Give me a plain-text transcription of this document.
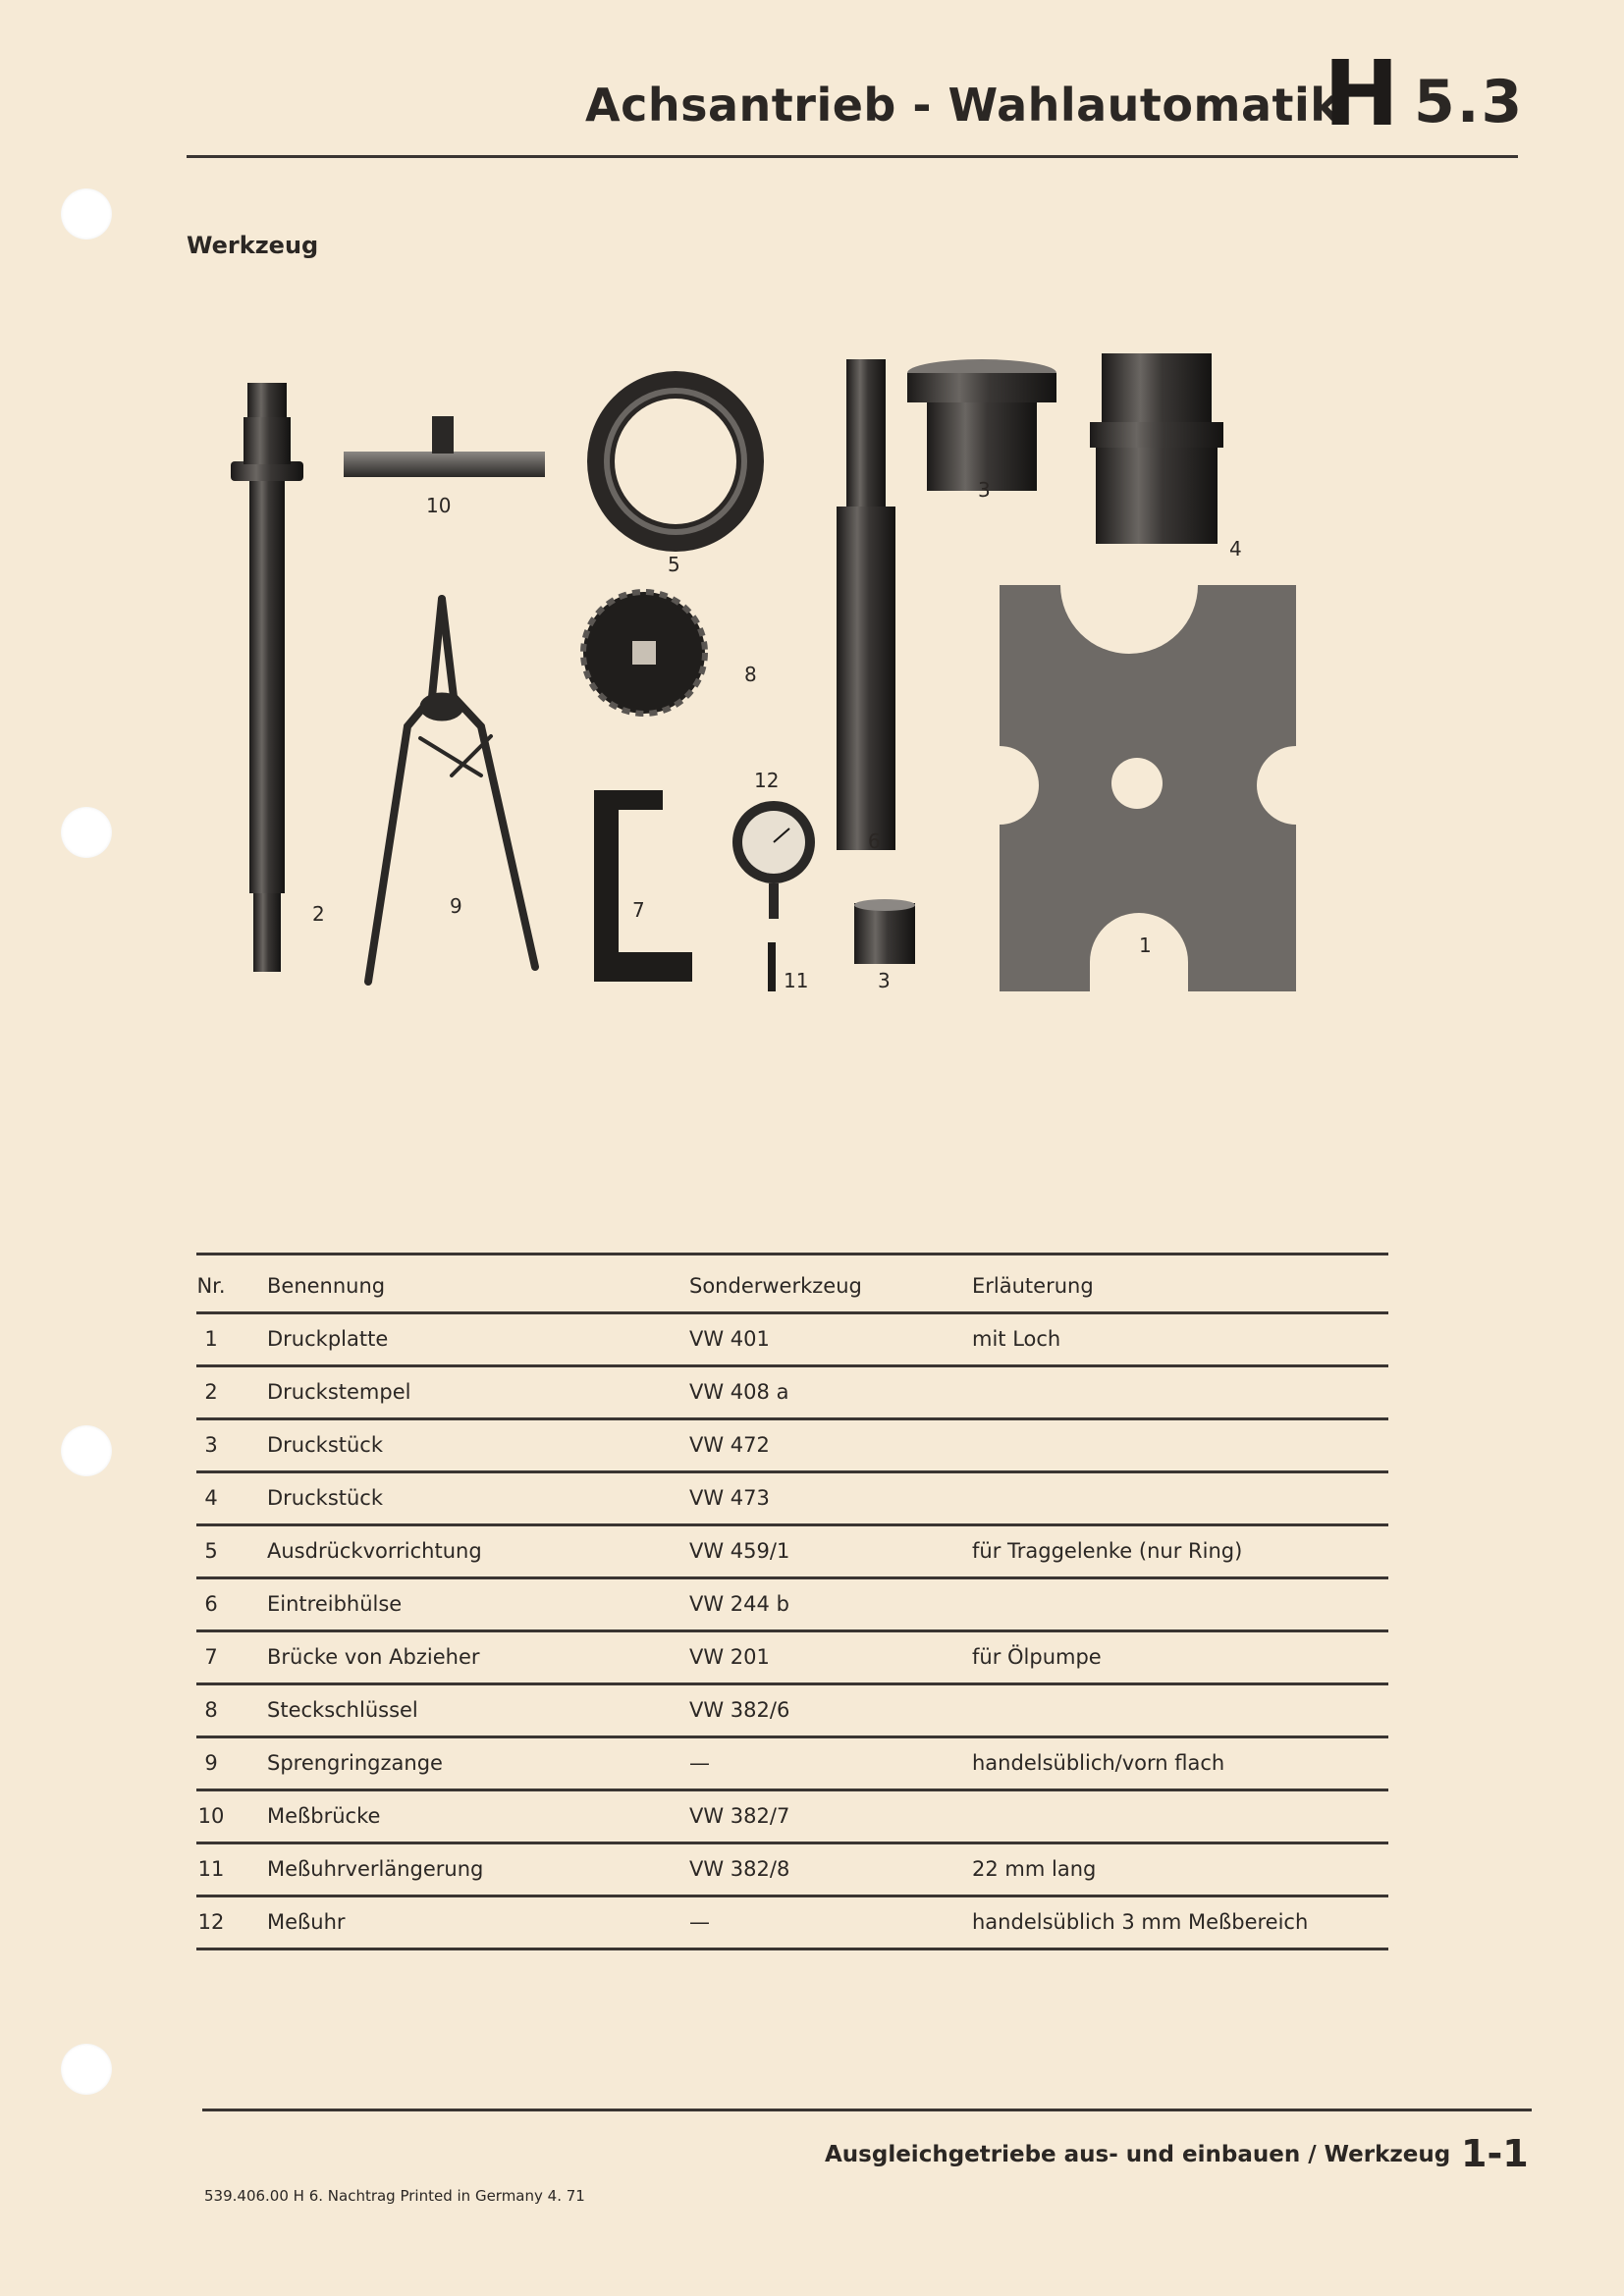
Achsantrieb - Wahlautomatik
H 5.3
Werkzeug
1
2
3
3
4
5
6
7
8
9
10
11
12
Nr. Benennung	Sonderwerkzeug	Erläuterung
1	Druckplatte	VW 401	mit Loch
2	Druckstempel	VW 408 a
3	Druckstück	VW 472
4	Druckstück	VW 473
5	Ausdrückvorrichtung	VW 459/1	für Traggelenke (nur Ring)
6	Eintreibhülse	VW 244 b
7	Brücke von Abzieher	VW 201	für Ölpumpe
8	Steckschlüssel	VW 382/6
9	Sprengringzange	—	handelsüblich/vorn flach
10 Meßbrücke	VW 382/7
11 Meßuhrverlängerung	VW 382/8	22 mm lang
12 Meßuhr	—	handelsüblich 3 mm Meßbereich
Ausgleichgetriebe aus- und einbauen / Werkzeug 1-1
539.406.00 H 6. Nachtrag Printed in Germany 4. 71
